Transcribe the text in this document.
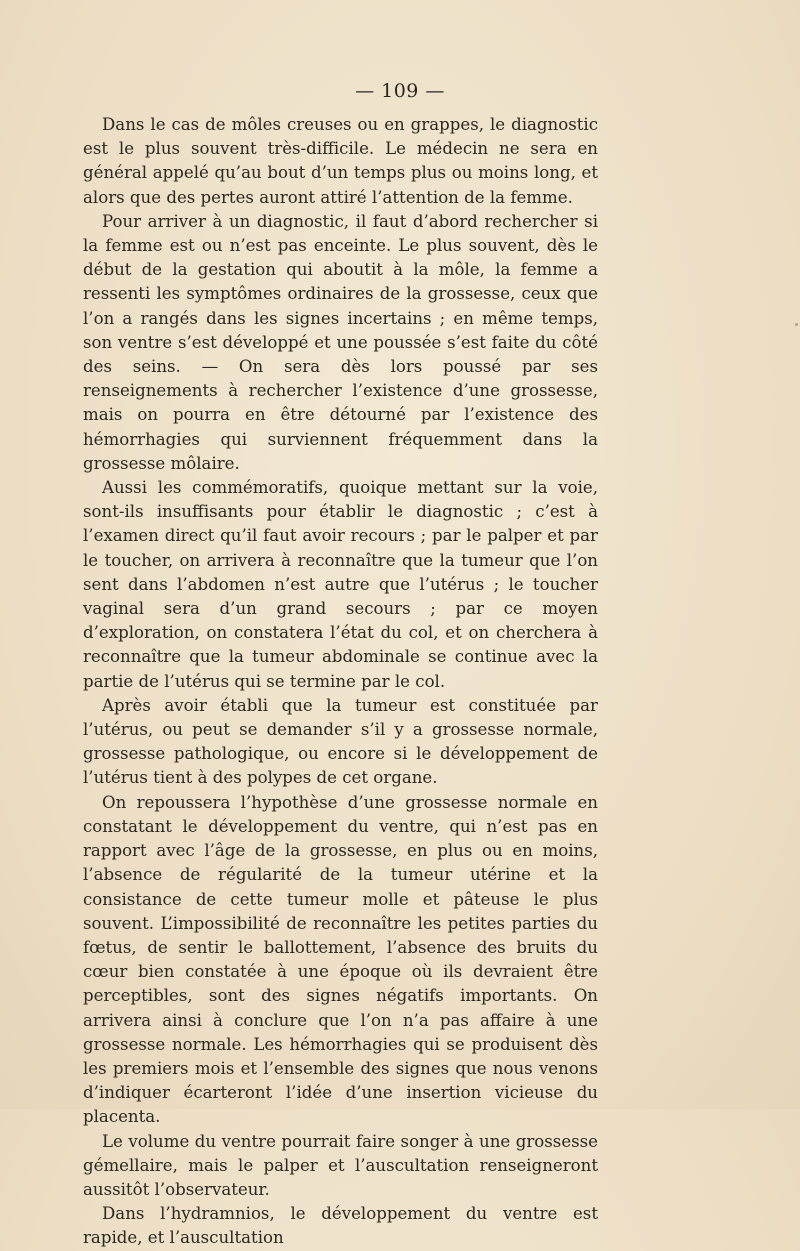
— 109 —

Dans le cas de môles creuses ou en grappes, le diagnostic est le plus souvent très-difficile. Le médecin ne sera en général appelé qu’au bout d’un temps plus ou moins long, et alors que des pertes auront attiré l’attention de la femme.

Pour arriver à un diagnostic, il faut d’abord rechercher si la femme est ou n’est pas enceinte. Le plus souvent, dès le début de la gestation qui aboutit à la môle, la femme a ressenti les symptômes ordinaires de la grossesse, ceux que l’on a rangés dans les signes incertains ; en même temps, son ventre s’est développé et une poussée s’est faite du côté des seins. — On sera dès lors poussé par ses renseignements à rechercher l’existence d’une grossesse, mais on pourra en être détourné par l’existence des hémorrhagies qui surviennent fréquemment dans la grossesse môlaire.

Aussi les commémoratifs, quoique mettant sur la voie, sont-ils insuffisants pour établir le diagnostic ; c’est à l’examen direct qu’il faut avoir recours ; par le palper et par le toucher, on arrivera à reconnaître que la tumeur que l’on sent dans l’abdomen n’est autre que l’utérus ; le toucher vaginal sera d’un grand secours ; par ce moyen d’exploration, on constatera l’état du col, et on cherchera à reconnaître que la tumeur abdominale se continue avec la partie de l’utérus qui se termine par le col.

Après avoir établi que la tumeur est constituée par l’utérus, ou peut se demander s’il y a grossesse normale, grossesse pathologique, ou encore si le développement de l’utérus tient à des polypes de cet organe.

On repoussera l’hypothèse d’une grossesse normale en constatant le développement du ventre, qui n’est pas en rapport avec l’âge de la grossesse, en plus ou en moins, l’absence de régularité de la tumeur utérine et la consistance de cette tumeur molle et pâteuse le plus souvent. L’impossibilité de reconnaître les petites parties du fœtus, de sentir le ballottement, l’absence des bruits du cœur bien constatée à une époque où ils devraient être perceptibles, sont des signes négatifs importants. On arrivera ainsi à conclure que l’on n’a pas affaire à une grossesse normale. Les hémorrhagies qui se produisent dès les premiers mois et l’ensemble des signes que nous venons d’indiquer écarteront l’idée d’une insertion vicieuse du placenta.

Le volume du ventre pourrait faire songer à une grossesse gémellaire, mais le palper et l’auscultation renseigneront aussitôt l’observateur.

Dans l’hydramnios, le développement du ventre est rapide, et l’auscultation
